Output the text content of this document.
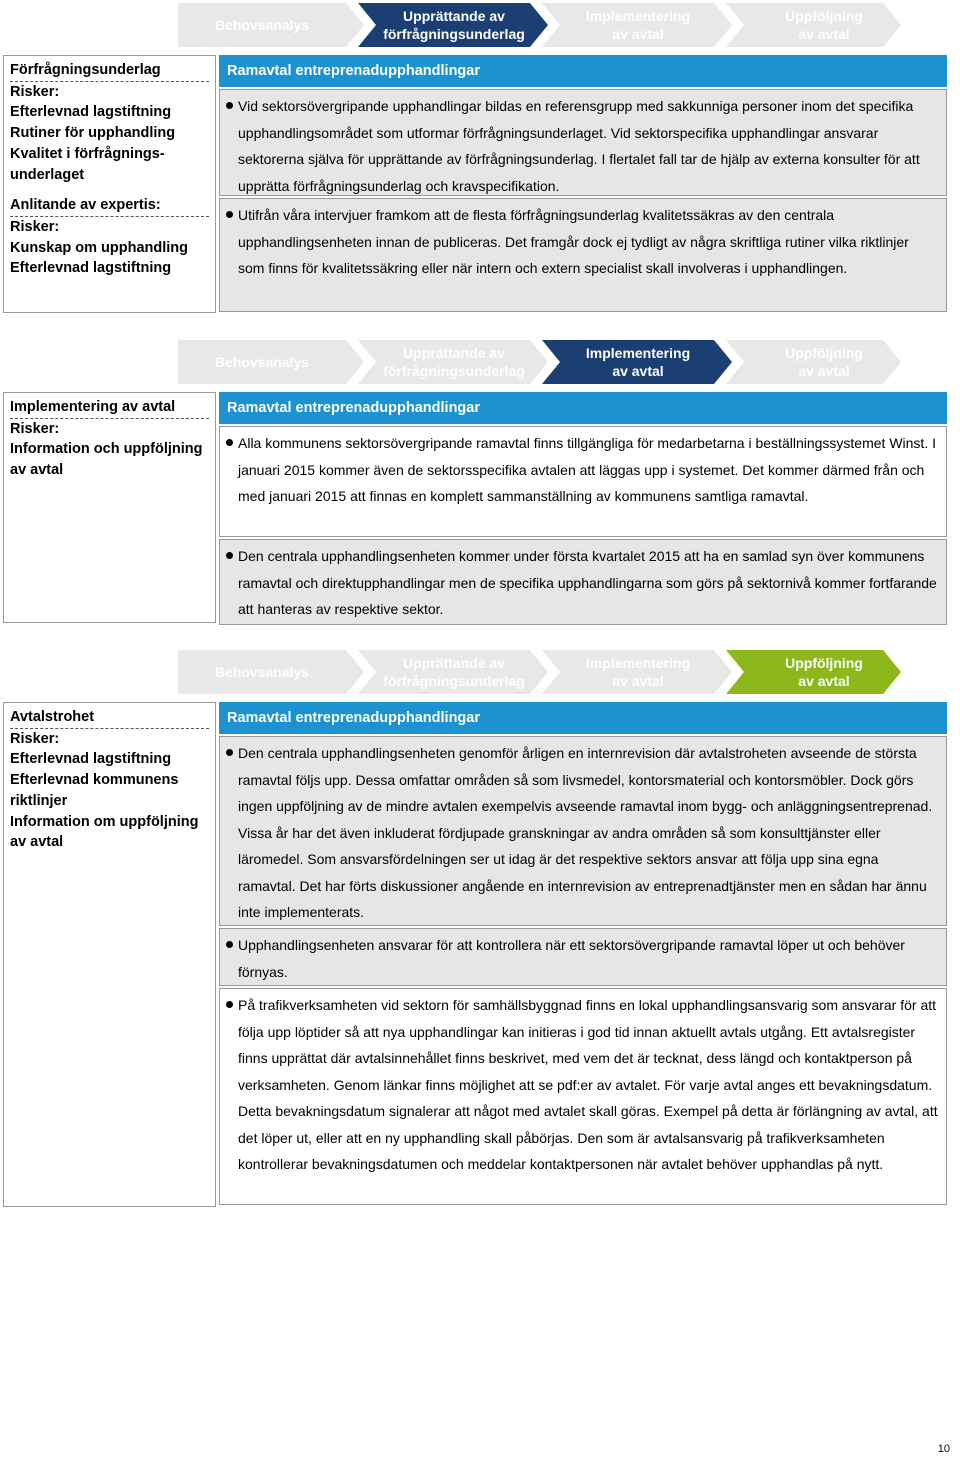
Behovsanalys
Upprättande av
förfrågningsunderlag
Implementering
av avtal
Uppföljning
av avtal
Förfrågningsunderlag
Risker:
Efterlevnad lagstiftning
Rutiner för upphandling
Kvalitet i förfrågnings-
underlaget
Anlitande av expertis:
Risker:
Kunskap om upphandling
Efterlevnad lagstiftning
Ramavtal entreprenadupphandlingar
Vid sektorsövergripande upphandlingar bildas en referensgrupp med sakkunniga personer inom det specifika upphandlingsområdet som utformar förfrågningsunderlaget. Vid sektorspecifika upphandlingar ansvarar sektorerna själva för upprättande av förfrågningsunderlag. I flertalet fall tar de hjälp av externa konsulter för att upprätta förfrågningsunderlag och kravspecifikation.
Utifrån våra intervjuer framkom att de flesta förfrågningsunderlag kvalitetssäkras av den centrala upphandlingsenheten innan de publiceras. Det framgår dock ej tydligt av några skriftliga rutiner vilka riktlinjer som finns för kvalitetssäkring eller när intern och extern specialist skall involveras i upphandlingen.
Behovsanalys
Upprättande av
förfrågningsunderlag
Implementering
av avtal
Uppföljning
av avtal
Implementering av avtal
Risker:
Information och uppföljning
av avtal
Ramavtal entreprenadupphandlingar
Alla kommunens sektorsövergripande ramavtal finns tillgängliga för medarbetarna i beställningssystemet Winst. I januari 2015 kommer även de sektorsspecifika avtalen att läggas upp i systemet. Det kommer därmed från och med januari 2015 att finnas en komplett sammanställning av kommunens samtliga ramavtal.
Den centrala upphandlingsenheten kommer under första kvartalet 2015 att ha en samlad syn över kommunens ramavtal och direktupphandlingar men de specifika upphandlingarna som görs på sektornivå kommer fortfarande att hanteras av respektive sektor.
Behovsanalys
Upprättande av
förfrågningsunderlag
Implementering
av avtal
Uppföljning
av avtal
Avtalstrohet
Risker:
Efterlevnad lagstiftning
Efterlevnad kommunens
riktlinjer
Information om uppföljning
av avtal
Ramavtal entreprenadupphandlingar
Den centrala upphandlingsenheten genomför årligen en internrevision där avtalstroheten avseende de största ramavtal följs upp. Dessa omfattar områden så som livsmedel, kontorsmaterial och kontorsmöbler. Dock görs ingen uppföljning av de mindre avtalen exempelvis avseende ramavtal inom bygg- och anläggningsentreprenad. Vissa år har det även inkluderat fördjupade granskningar av andra områden så som konsulttjänster eller läromedel. Som ansvarsfördelningen ser ut idag är det respektive sektors ansvar att följa upp sina egna ramavtal. Det har förts diskussioner angående en internrevision av entreprenadtjänster men en sådan har ännu inte implementerats.
Upphandlingsenheten ansvarar för att kontrollera när ett sektorsövergripande ramavtal löper ut och behöver förnyas.
På trafikverksamheten vid sektorn för samhällsbyggnad finns en lokal upphandlingsansvarig som ansvarar för att följa upp löptider så att nya upphandlingar kan initieras i god tid innan aktuellt avtals utgång. Ett avtalsregister finns upprättat där avtalsinnehållet finns beskrivet, med vem det är tecknat, dess längd och kontaktperson på verksamheten. Genom länkar finns möjlighet att se pdf:er av avtalet. För varje avtal anges ett bevakningsdatum. Detta bevakningsdatum signalerar att något med avtalet skall göras. Exempel på detta är förlängning av avtal, att det löper ut, eller att en ny upphandling skall påbörjas. Den som är avtalsansvarig på trafikverksamheten kontrollerar bevakningsdatumen och meddelar kontaktpersonen när avtalet behöver upphandlas på nytt.
10
